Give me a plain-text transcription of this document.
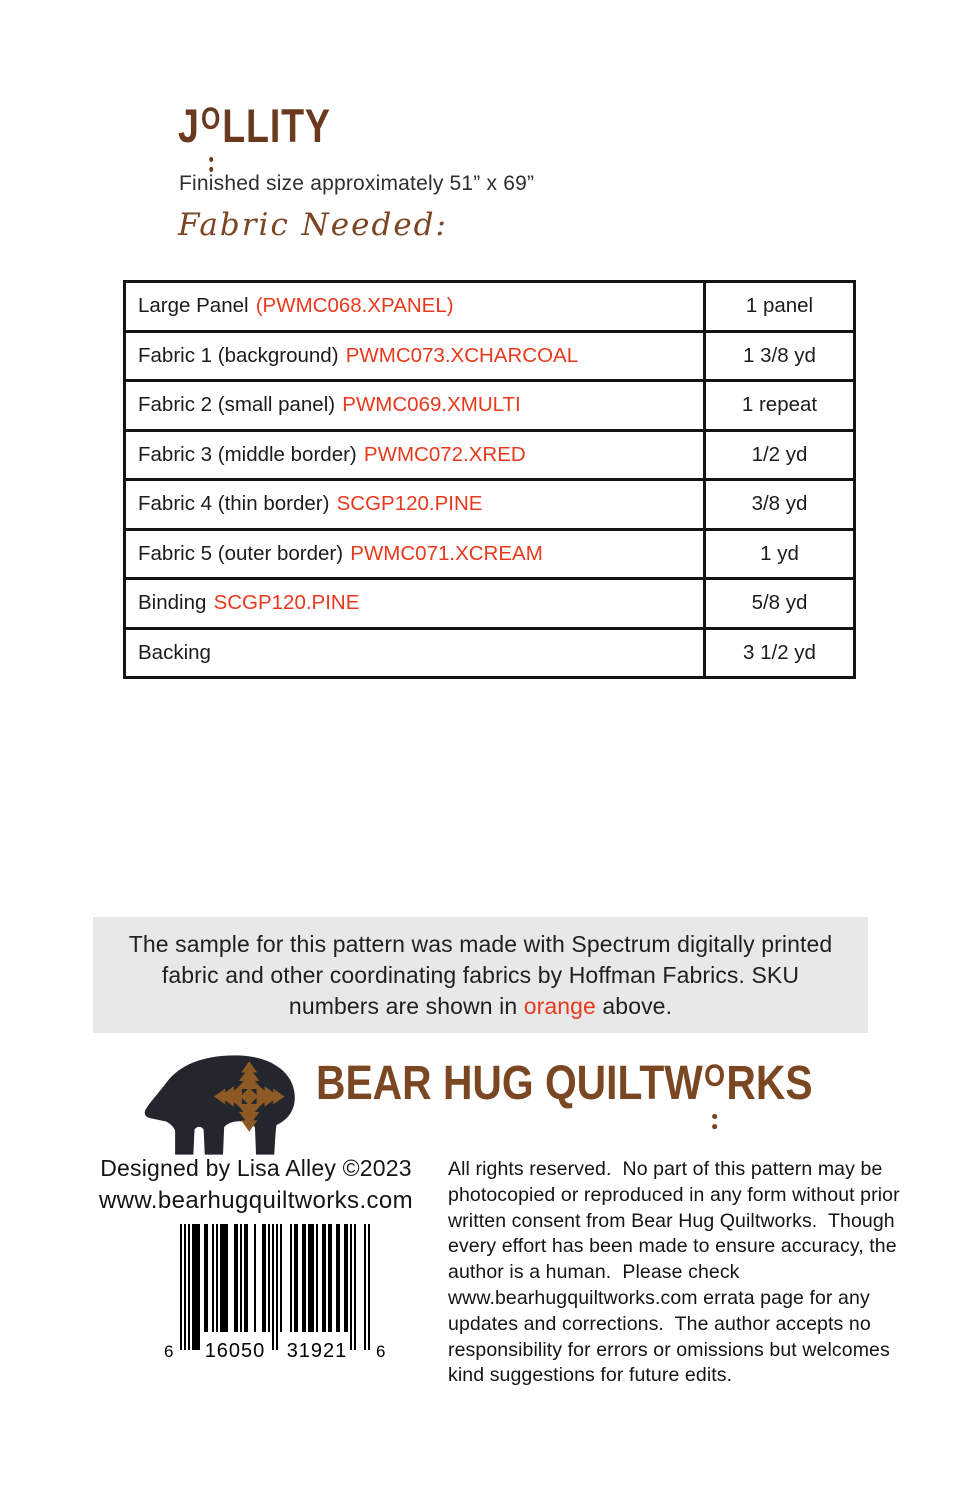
JOLLITY
Finished size approximately 51” x 69”
Fabric Needed:
Large Panel (PWMC068.XPANEL)	1 panel
Fabric 1 (background) PWMC073.XCHARCOAL	1 3/8 yd
Fabric 2 (small panel) PWMC069.XMULTI	1 repeat
Fabric 3 (middle border) PWMC072.XRED	1/2 yd
Fabric 4 (thin border) SCGP120.PINE	3/8 yd
Fabric 5 (outer border) PWMC071.XCREAM	1 yd
Binding SCGP120.PINE	5/8 yd
Backing	3 1/2 yd
The sample for this pattern was made with Spectrum digitally printed fabric and other coordinating fabrics by Hoffman Fabrics. SKU numbers are shown in orange above.
BEAR HUG QUILTWORKS
Designed by Lisa Alley ©2023
www.bearhugquiltworks.com
6	16050	31921	6
All rights reserved.  No part of this pattern may be photocopied or reproduced in any form without prior written consent from Bear Hug Quiltworks.  Though every effort has been made to ensure accuracy, the author is a human.  Please check www.bearhugquiltworks.com errata page for any updates and corrections.  The author accepts no responsibility for errors or omissions but welcomes kind suggestions for future edits.
